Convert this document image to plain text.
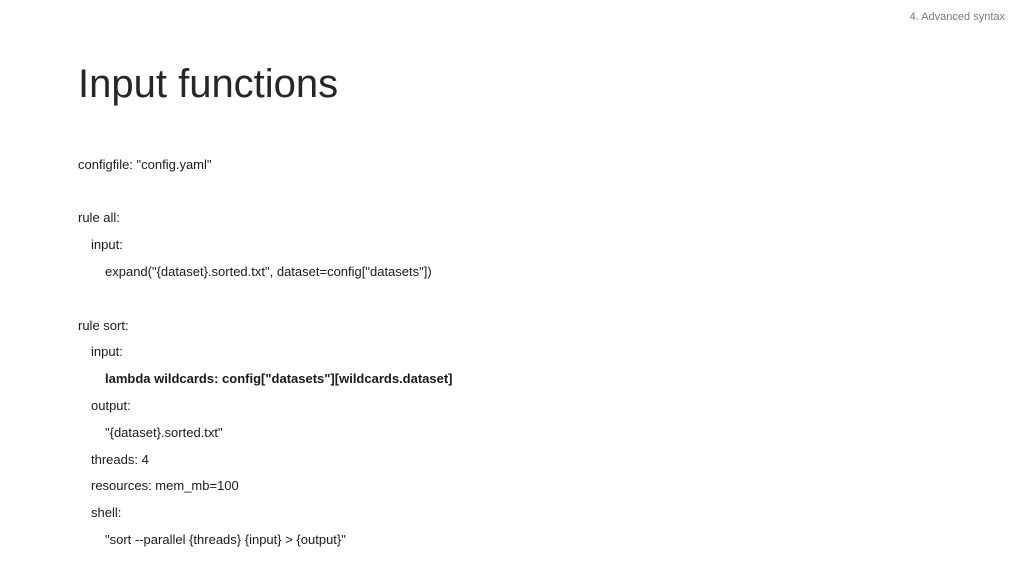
4. Advanced syntax
Input functions
configfile: "config.yaml"
rule all:
input:
expand("{dataset}.sorted.txt", dataset=config["datasets"])
rule sort:
input:
lambda wildcards: config["datasets"][wildcards.dataset]
output:
"{dataset}.sorted.txt"
threads: 4
resources: mem_mb=100
shell:
"sort --parallel {threads} {input} > {output}"
